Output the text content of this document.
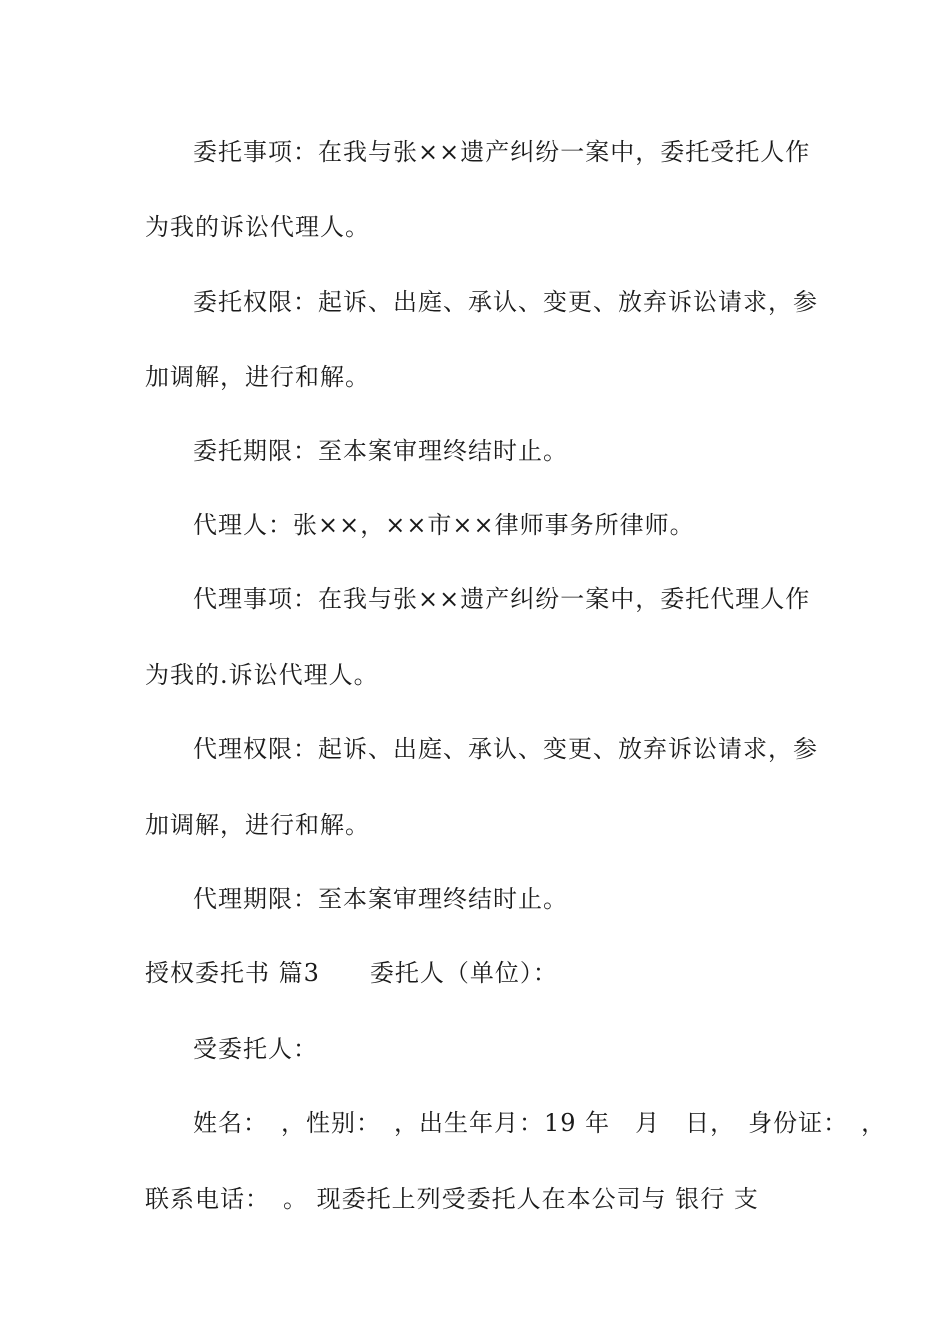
委托事项：在我与张××遗产纠纷一案中，委托受托人作
为我的诉讼代理人。
委托权限：起诉、出庭、承认、变更、放弃诉讼请求，参
加调解，进行和解。
委托期限：至本案审理终结时止。
代理人：张××，××市××律师事务所律师。
代理事项：在我与张××遗产纠纷一案中，委托代理人作
为我的.诉讼代理人。
代理权限：起诉、出庭、承认、变更、放弃诉讼请求，参
加调解，进行和解。
代理期限：至本案审理终结时止。
授权委托书 篇3　　委托人（单位）：
受委托人：
姓名：　，性别：　，出生年月：19 年　月　日，　身份证：　，
联系电话：　。 现委托上列受委托人在本公司与 银行 支
